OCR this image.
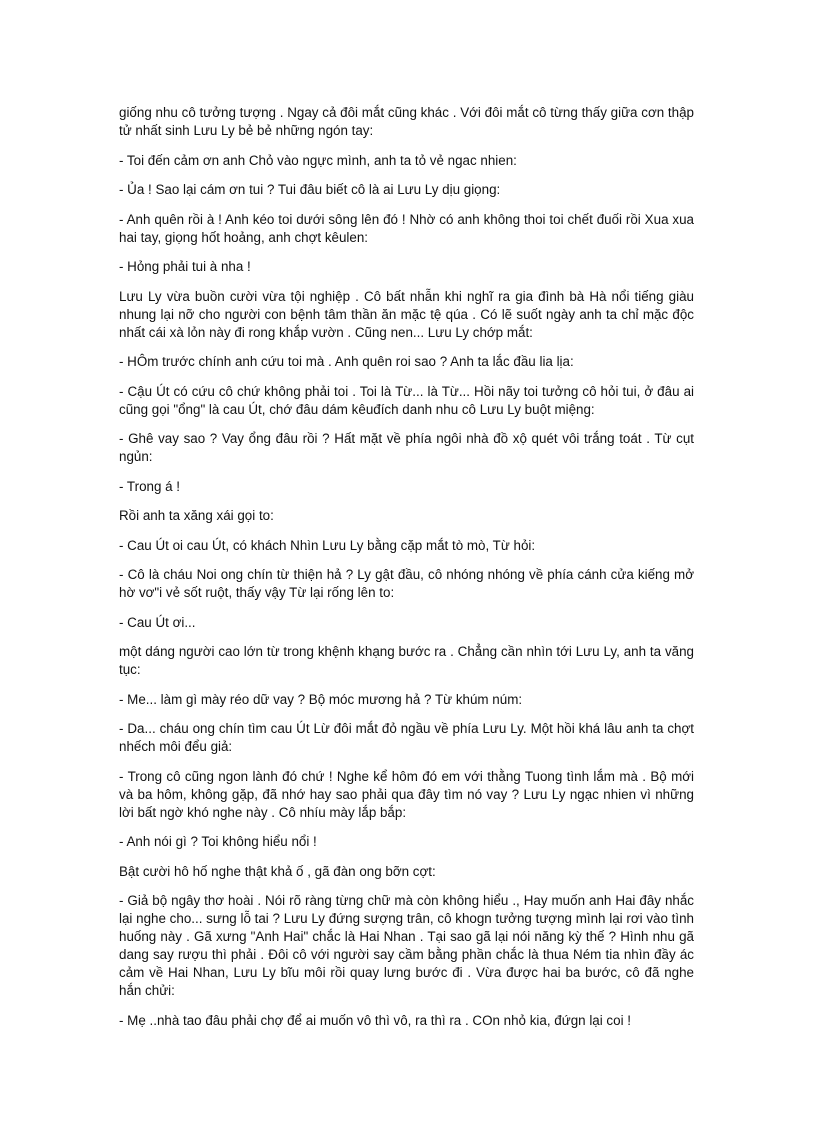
giống nhu cô tưởng tượng . Ngay cả đôi mắt cũng khác . Với đôi mắt cô từng thấy giữa cơn thập tử nhất sinh Lưu Ly bẻ bẻ những ngón tay:

- Toi đến cảm ơn anh Chỏ vào ngực mình, anh ta tỏ vẻ ngac nhien:

- Ủa ! Sao lại cám ơn tui ? Tui đâu biết cô là ai Lưu Ly dịu giọng:

- Anh quên rồi à ! Anh kéo toi dưới sông lên đó ! Nhờ có anh không thoi toi chết đuối rồi Xua xua hai tay, giọng hốt hoảng, anh chợt kêulen:

- Hỏng phải tui à nha !

Lưu Ly vừa buồn cười vừa tội nghiệp . Cô bất nhẫn khi nghĩ ra gia đình bà Hà nổi tiếng giàu nhung lại nỡ cho người con bệnh tâm thần ăn mặc tệ qúa . Có lẽ suốt ngày anh ta chỉ mặc độc nhất cái xà lỏn này đi rong khắp vườn . Cũng nen... Lưu Ly chớp mắt:

- HÔm trước chính anh cứu toi mà . Anh quên roi sao ? Anh ta lắc đầu lia lịa:

- Cậu Út có cứu cô chứ không phải toi . Toi là Từ... là Từ... Hồi nãy toi tưởng cô hỏi tui, ở đâu ai cũng gọi "ổng" là cau Út, chớ đâu dám kêuđích danh nhu cô Lưu Ly buột miệng:

- Ghê vay sao ? Vay ổng đâu rồi ? Hất mặt về phía ngôi nhà đồ xộ quét vôi trắng toát . Từ cụt ngủn:

- Trong á !

Rồi anh ta xăng xái gọi to:

- Cau Út oi cau Út, có khách Nhìn Lưu Ly bằng cặp mắt tò mò, Từ hỏi:

- Cô là cháu Noi ong chín từ thiện hả ? Ly gật đầu, cô nhóng nhóng về phía cánh cửa kiếng mở hờ vơ"i vẻ sốt ruột, thấy vậy Từ lại rống lên to:

- Cau Út ơi...

một dáng người cao lớn từ trong khệnh khạng bước ra . Chẳng cần nhìn tới Lưu Ly, anh ta văng tục:

- Me... làm gì mày réo dữ vay ? Bộ móc mương hả ? Từ khúm núm:

- Da... cháu ong chín tìm cau Út Lừ đôi mắt đỏ ngầu về phía Lưu Ly. Một hồi khá lâu anh ta chợt nhếch môi đểu giả:

- Trong cô cũng ngon lành đó chứ ! Nghe kể hôm đó em với thằng Tuong tình lắm mà . Bộ mới và ba hôm, không gặp, đã nhớ hay sao phải qua đây tìm nó vay ? Lưu Ly ngạc nhien vì những lời bất ngờ khó nghe này . Cô nhíu mày lắp bắp:

- Anh nói gì ? Toi không hiểu nổi !

Bật cười hô hố nghe thật khả ố , gã đàn ong bỡn cợt:

- Giả bộ ngây thơ hoài . Nói rõ ràng từng chữ mà còn không hiểu ., Hay muốn anh Hai đây nhắc lại nghe cho... sưng lỗ tai ? Lưu Ly đứng sượng trân, cô khogn tưởng tượng mình lại rơi vào tình huống này . Gã xưng "Anh Hai" chắc là Hai Nhan . Tại sao gã lại nói năng kỳ thế ? Hình nhu gã dang say rượu thì phải . Đôi cô với người say cầm bằng phần chắc là thua Ném tia nhìn đầy ác cảm về Hai Nhan, Lưu Ly bĩu môi rồi quay lưng bước đi . Vừa được hai ba bước, cô đã nghe hắn chửi:

- Mẹ ..nhà tao đâu phải chợ để ai muốn vô thì vô, ra thì ra . COn nhỏ kia, đứgn lại coi !
